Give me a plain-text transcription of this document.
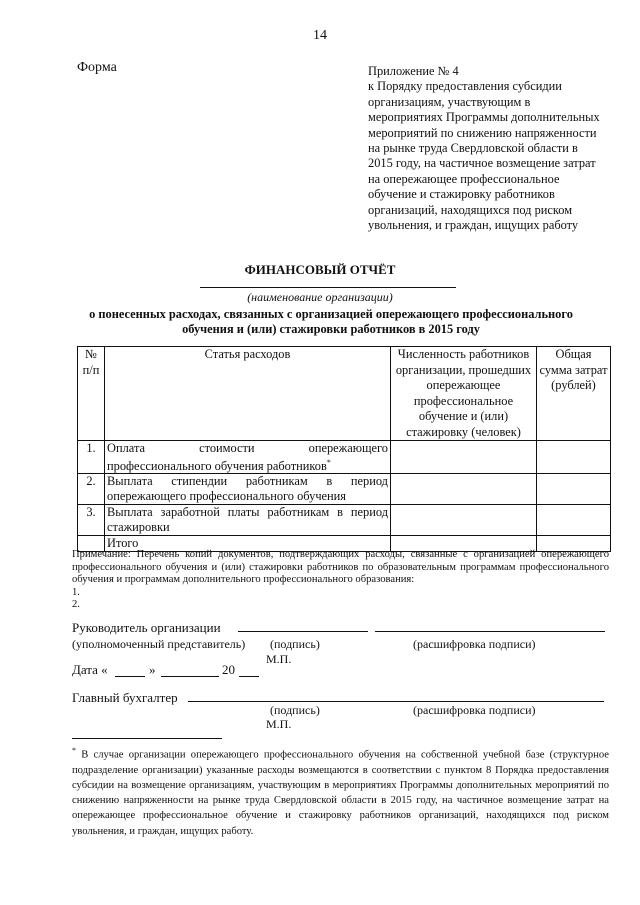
14
Форма	Приложение № 4
к Порядку предоставления субсидии организациям, участвующим в мероприятиях Программы дополнительных мероприятий по снижению напряженности на рынке труда Свердловской области в 2015 году, на частичное возмещение затрат на опережающее профессиональное обучение и стажировку работников организаций, находящихся под риском увольнения, и граждан, ищущих работу
ФИНАНСОВЫЙ ОТЧЁТ
(наименование организации)
о понесенных расходах, связанных с организацией опережающего профессионального обучения и (или) стажировки работников в 2015 году
№ п/п	Статья расходов	Численность работников организации, прошедших опережающее профессиональное обучение и (или) стажировку (человек)	Общая сумма затрат (рублей)
1.	Оплата стоимости опережающего профессионального обучения работников*		
2.	Выплата стипендии работникам в период опережающего профессионального обучения		
3.	Выплата заработной платы работникам в период стажировки		
	Итого		
Примечание: Перечень копий документов, подтверждающих расходы, связанные с организацией опережающего профессионального обучения и (или) стажировки работников по образовательным программам профессионального обучения и программам дополнительного профессионального образования:
1.
2.
Руководитель организации
(уполномоченный представитель) (подпись)	(расшифровка подписи)
М.П.
Дата «	»	20
Главный бухгалтер
(подпись)	(расшифровка подписи)
М.П.
* В случае организации опережающего профессионального обучения на собственной учебной базе (структурное подразделение организации) указанные расходы возмещаются в соответствии с пунктом 8 Порядка предоставления субсидии на возмещение организациям, участвующим в мероприятиях Программы дополнительных мероприятий по снижению напряженности на рынке труда Свердловской области в 2015 году, на частичное возмещение затрат на опережающее профессиональное обучение и стажировку работников организаций, находящихся под риском увольнения, и граждан, ищущих работу.
